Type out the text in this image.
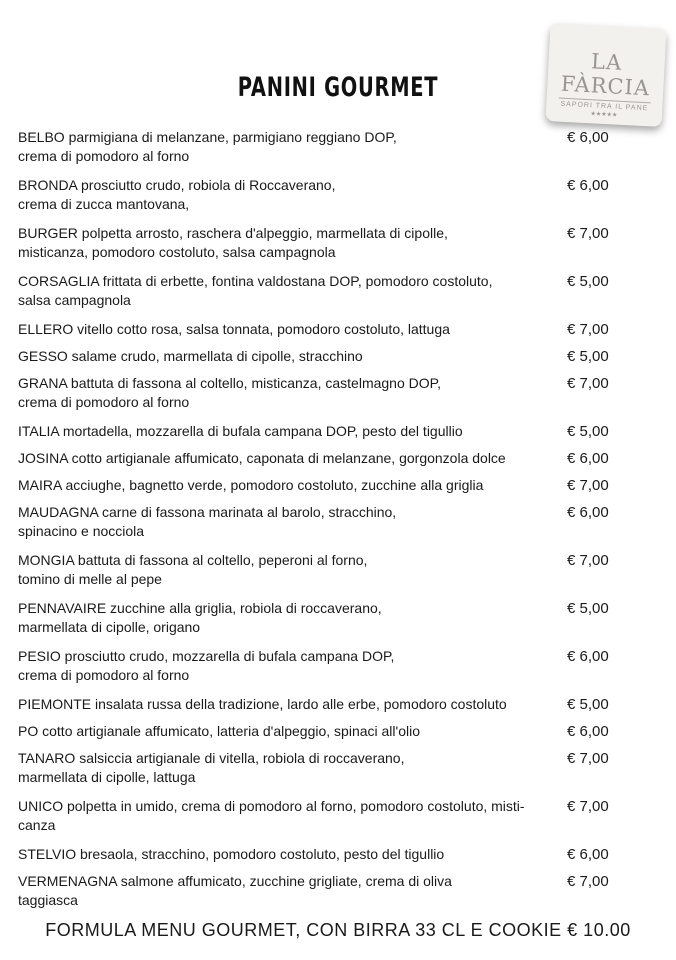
LA FÀRCIA
SAPORI TRA IL PANE
★★★★★
PANINI GOURMET
BELBO parmigiana di melanzane, parmigiano reggiano DOP,
crema di pomodoro al forno
€ 6,00
BRONDA prosciutto crudo, robiola di Roccaverano,
crema di zucca mantovana,
€ 6,00
BURGER polpetta arrosto, raschera d'alpeggio, marmellata di cipolle,
misticanza, pomodoro costoluto, salsa campagnola
€ 7,00
CORSAGLIA frittata di erbette, fontina valdostana DOP, pomodoro costoluto,
salsa campagnola
€ 5,00
ELLERO vitello cotto rosa, salsa tonnata, pomodoro costoluto, lattuga	€ 7,00
GESSO salame crudo, marmellata di cipolle, stracchino	€ 5,00
GRANA battuta di fassona al coltello, misticanza, castelmagno DOP,
crema di pomodoro al forno
€ 7,00
ITALIA mortadella, mozzarella di bufala campana DOP, pesto del tigullio	€ 5,00
JOSINA cotto artigianale affumicato, caponata di melanzane, gorgonzola dolce	€ 6,00
MAIRA acciughe, bagnetto verde, pomodoro costoluto, zucchine alla griglia	€ 7,00
MAUDAGNA carne di fassona marinata al barolo, stracchino,
spinacino e nocciola
€ 6,00
MONGIA battuta di fassona al coltello, peperoni al forno,
tomino di melle al pepe
€ 7,00
PENNAVAIRE zucchine alla griglia, robiola di roccaverano,
marmellata di cipolle, origano
€ 5,00
PESIO prosciutto crudo, mozzarella di bufala campana DOP,
crema di pomodoro al forno
€ 6,00
PIEMONTE insalata russa della tradizione, lardo alle erbe, pomodoro costoluto	€ 5,00
PO cotto artigianale affumicato, latteria d'alpeggio, spinaci all'olio	€ 6,00
TANARO salsiccia artigianale di vitella, robiola di roccaverano,
marmellata di cipolle, lattuga
€ 7,00
UNICO polpetta in umido, crema di pomodoro al forno, pomodoro costoluto, misti-
canza
€ 7,00
STELVIO bresaola, stracchino, pomodoro costoluto, pesto del tigullio	€ 6,00
VERMENAGNA salmone affumicato, zucchine grigliate, crema di oliva
taggiasca
€ 7,00
FORMULA MENU GOURMET, CON BIRRA 33 CL E COOKIE € 10.00
